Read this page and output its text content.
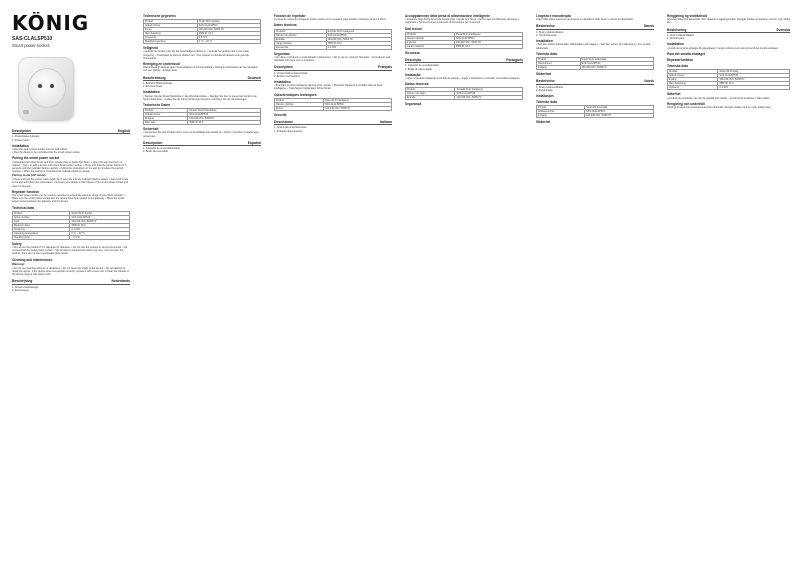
KÖNIG
SAS-CLALSP510
Smart power socket
Description	English
1. Power/status indicator
2. Power button
Installation
• Plug the smart power socket into the wall socket.
• Plug the device to be controlled into the smart power socket.
Pairing the smart power socket
• Download the König Smart app from Google Play or Apple App Store. • Open the app and log in or register. • Tap + to add a device and select Smart power socket. • Press and hold the power button for 5 seconds until the indicator flashes quickly. • Follow the instructions in the app to complete the pairing process. • When the pairing is completed the indicator lights up steady.
Pairing mode (AP mode)
• Press and hold the power button again for 5 seconds until the indicator flashes slowly. • Select AP mode in the app and follow the instructions. • Connect your phone to the hotspot of the smart power socket and return to the app.
Repeater function
The smart power socket can be used as repeater to extend the wireless range of your Wi-Fi network. • Make sure the smart power socket and the device have been paired to the gateway. • Place the smart power socket between the gateway and the device.
Technical data
Product	Smart Wi-Fi Socket
Article number	SAS-CLALSP510
Input	100-240 VAC, 50/60 Hz
Maximum load	3680 W, 16 A
Frequency	2.4 GHz
Operating temperature	0 °C ~ 40 °C
Standby power	< 0.5 W
Safety
• Do not use the product if it is damaged or defective. • Do not use the product in wet environments. • Do not overload the smart power socket. • The product is intended for indoor use only. • Do not open the product; there are no user-serviceable parts inside.
Cleaning and maintenance
Warning!
• Do not use cleaning solvents or abrasives. • Do not clean the inside of the device. • Do not attempt to repair the device. If the device does not operate correctly, replace it with a new unit. • Clean the outside of the device using a soft, damp cloth.
Beschrijving	Nederlands
1. Stroom-/statuslampje
2. Aan/uit-knop
Technische gegevens
Product	Smart Wi-Fi stekker
Artikelnummer	SAS-CLALSP510
Invoer	100-240 VAC, 50/60 Hz
Max. belasting	3680 W, 16 A
Frequentie	2,4 GHz
Bedrijfstemperatuur	0 °C ~ 40 °C
Veiligheid
• Gebruik het product niet als het beschadigd of defect is. • Gebruik het product niet in een natte omgeving. • Overbelast de slimme stekker niet. • Het product is uitsluitend bedoeld voor gebruik binnenshuis.
Reiniging en onderhoud
Waarschuwing! Gebruik geen oplosmiddelen of schuurmiddelen. Reinig de buitenkant van het apparaat met een zachte, vochtige doek.
Beschreibung	Deutsch
1. Betriebs-/Statusanzeige
2. Ein-/Aus-Taste
Installation
• Stecken Sie die Smart-Steckdose in die Wandsteckdose. • Stecken Sie das zu steuernde Gerät in die Smart-Steckdose. • Laden Sie die König Smart App herunter und folgen Sie den Anweisungen.
Technische Daten
Produkt	Smarte WLAN-Steckdose
Artikelnummer	SAS-CLALSP510
Eingang	100-240 VAC, 50/60 Hz
Max. Last	3680 W, 16 A
Sicherheit
• Verwenden Sie das Produkt nicht, wenn es beschädigt oder defekt ist. • Nicht in feuchten Umgebungen verwenden.
Descripción	Español
1. Indicador de encendido/estado
2. Botón de encendido
Función de repetidor
La toma de corriente inteligente puede usarse como repetidor para ampliar el alcance de la red Wi-Fi.
Datos técnicos
Producto	Enchufe Wi-Fi inteligente
Número de artículo	SAS-CLALSP510
Entrada	100-240 VAC, 50/60 Hz
Carga máxima	3680 W, 16 A
Frecuencia	2,4 GHz
Seguridad
• No utilice el producto si está dañado o defectuoso. • No lo use en entornos húmedos. • El producto está diseñado solo para uso en interiores.
Description	Français
1. Voyant d'alimentation/d'état
2. Bouton marche/arrêt
Installation
• Branchez la prise intelligente dans la prise murale. • Branchez l'appareil à contrôler dans la prise intelligente. • Téléchargez l'application König Smart.
Caractéristiques techniques
Produit	Prise Wi-Fi intelligente
Numéro d'article	SAS-CLALSP510
Entrée	100-240 VAC, 50/60 Hz
Sécurité
Descrizione	Italiano
1. Spia di alimentazione/stato
2. Pulsante di accensione
Accoppiamento della presa di alimentazione intelligente
• Scaricare l'app König Smart da Google Play o Apple App Store. • Aprire l'app ed effettuare l'accesso o registrarsi. • Tenere premuto il pulsante di accensione per 5 secondi.
Dati tecnici
Prodotto	Presa Wi-Fi intelligente
Numero articolo	SAS-CLALSP510
Ingresso	100-240 VAC, 50/60 Hz
Carico massimo	3680 W, 16 A
Sicurezza
Descrição	Português
1. Indicador de energia/estado
2. Botão de alimentação
Instalação
• Ligue a tomada inteligente à tomada de parede. • Ligue o dispositivo a controlar na tomada inteligente.
Dados técnicos
Produto	Tomada Wi-Fi inteligente
Número de artigo	SAS-CLALSP510
Entrada	100-240 VAC, 50/60 Hz
Segurança
Limpeza e manutenção
Aviso! Não utilize solventes de limpeza ou abrasivos. Não limpe o interior do dispositivo.
Beskrivelse	Dansk
1. Strøm-/statusindikator
2. Tænd/sluk-knap
Installation
• Sæt den smarte stikkontakt i stikkontakten på væggen. • Sæt den enhed, der skal styres, i den smarte stikkontakt.
Tekniske data
Produkt	Smart Wi-Fi-stikkontakt
Varenummer	SAS-CLALSP510
Indgang	100-240 VAC, 50/60 Hz
Sikkerhed
Beskrivelse	Norsk
1. Strøm-/statusindikator
2. Av/på-knapp
Installasjon
Tekniske data
Produkt	Smart Wi-Fi-kontakt
Artikkelnummer	SAS-CLALSP510
Inngang	100-240 VAC, 50/60 Hz
Sikkerhet
Rengjøring og vedlikehold
Advarsel! Ikke bruk løsemidler eller slipende rengjøringsmidler. Rengjør utsiden av enheten med en myk, fuktig klut.
Beskrivning	Svenska
1. Ström-/statusindikator
2. Strömbrytare
Installation
• Anslut det smarta eluttaget till vägguttaget. • Anslut enheten som ska styras till det smarta eluttaget.
Para det smarta eluttaget
Repeaterfunktion
Tekniska data
Produkt	Smart Wi-Fi-uttag
Artikelnummer	SAS-CLALSP510
Ingång	100-240 VAC, 50/60 Hz
Max. belastning	3680 W, 16 A
Frekvens	2,4 GHz
Säkerhet
• Använd inte produkten om den är skadad eller defekt. • Använd inte produkten i våta miljöer.
Rengöring och underhåll
Varning! Använd inte lösningsmedel eller slipmedel. Rengör utsidan med en mjuk, fuktig trasa.
